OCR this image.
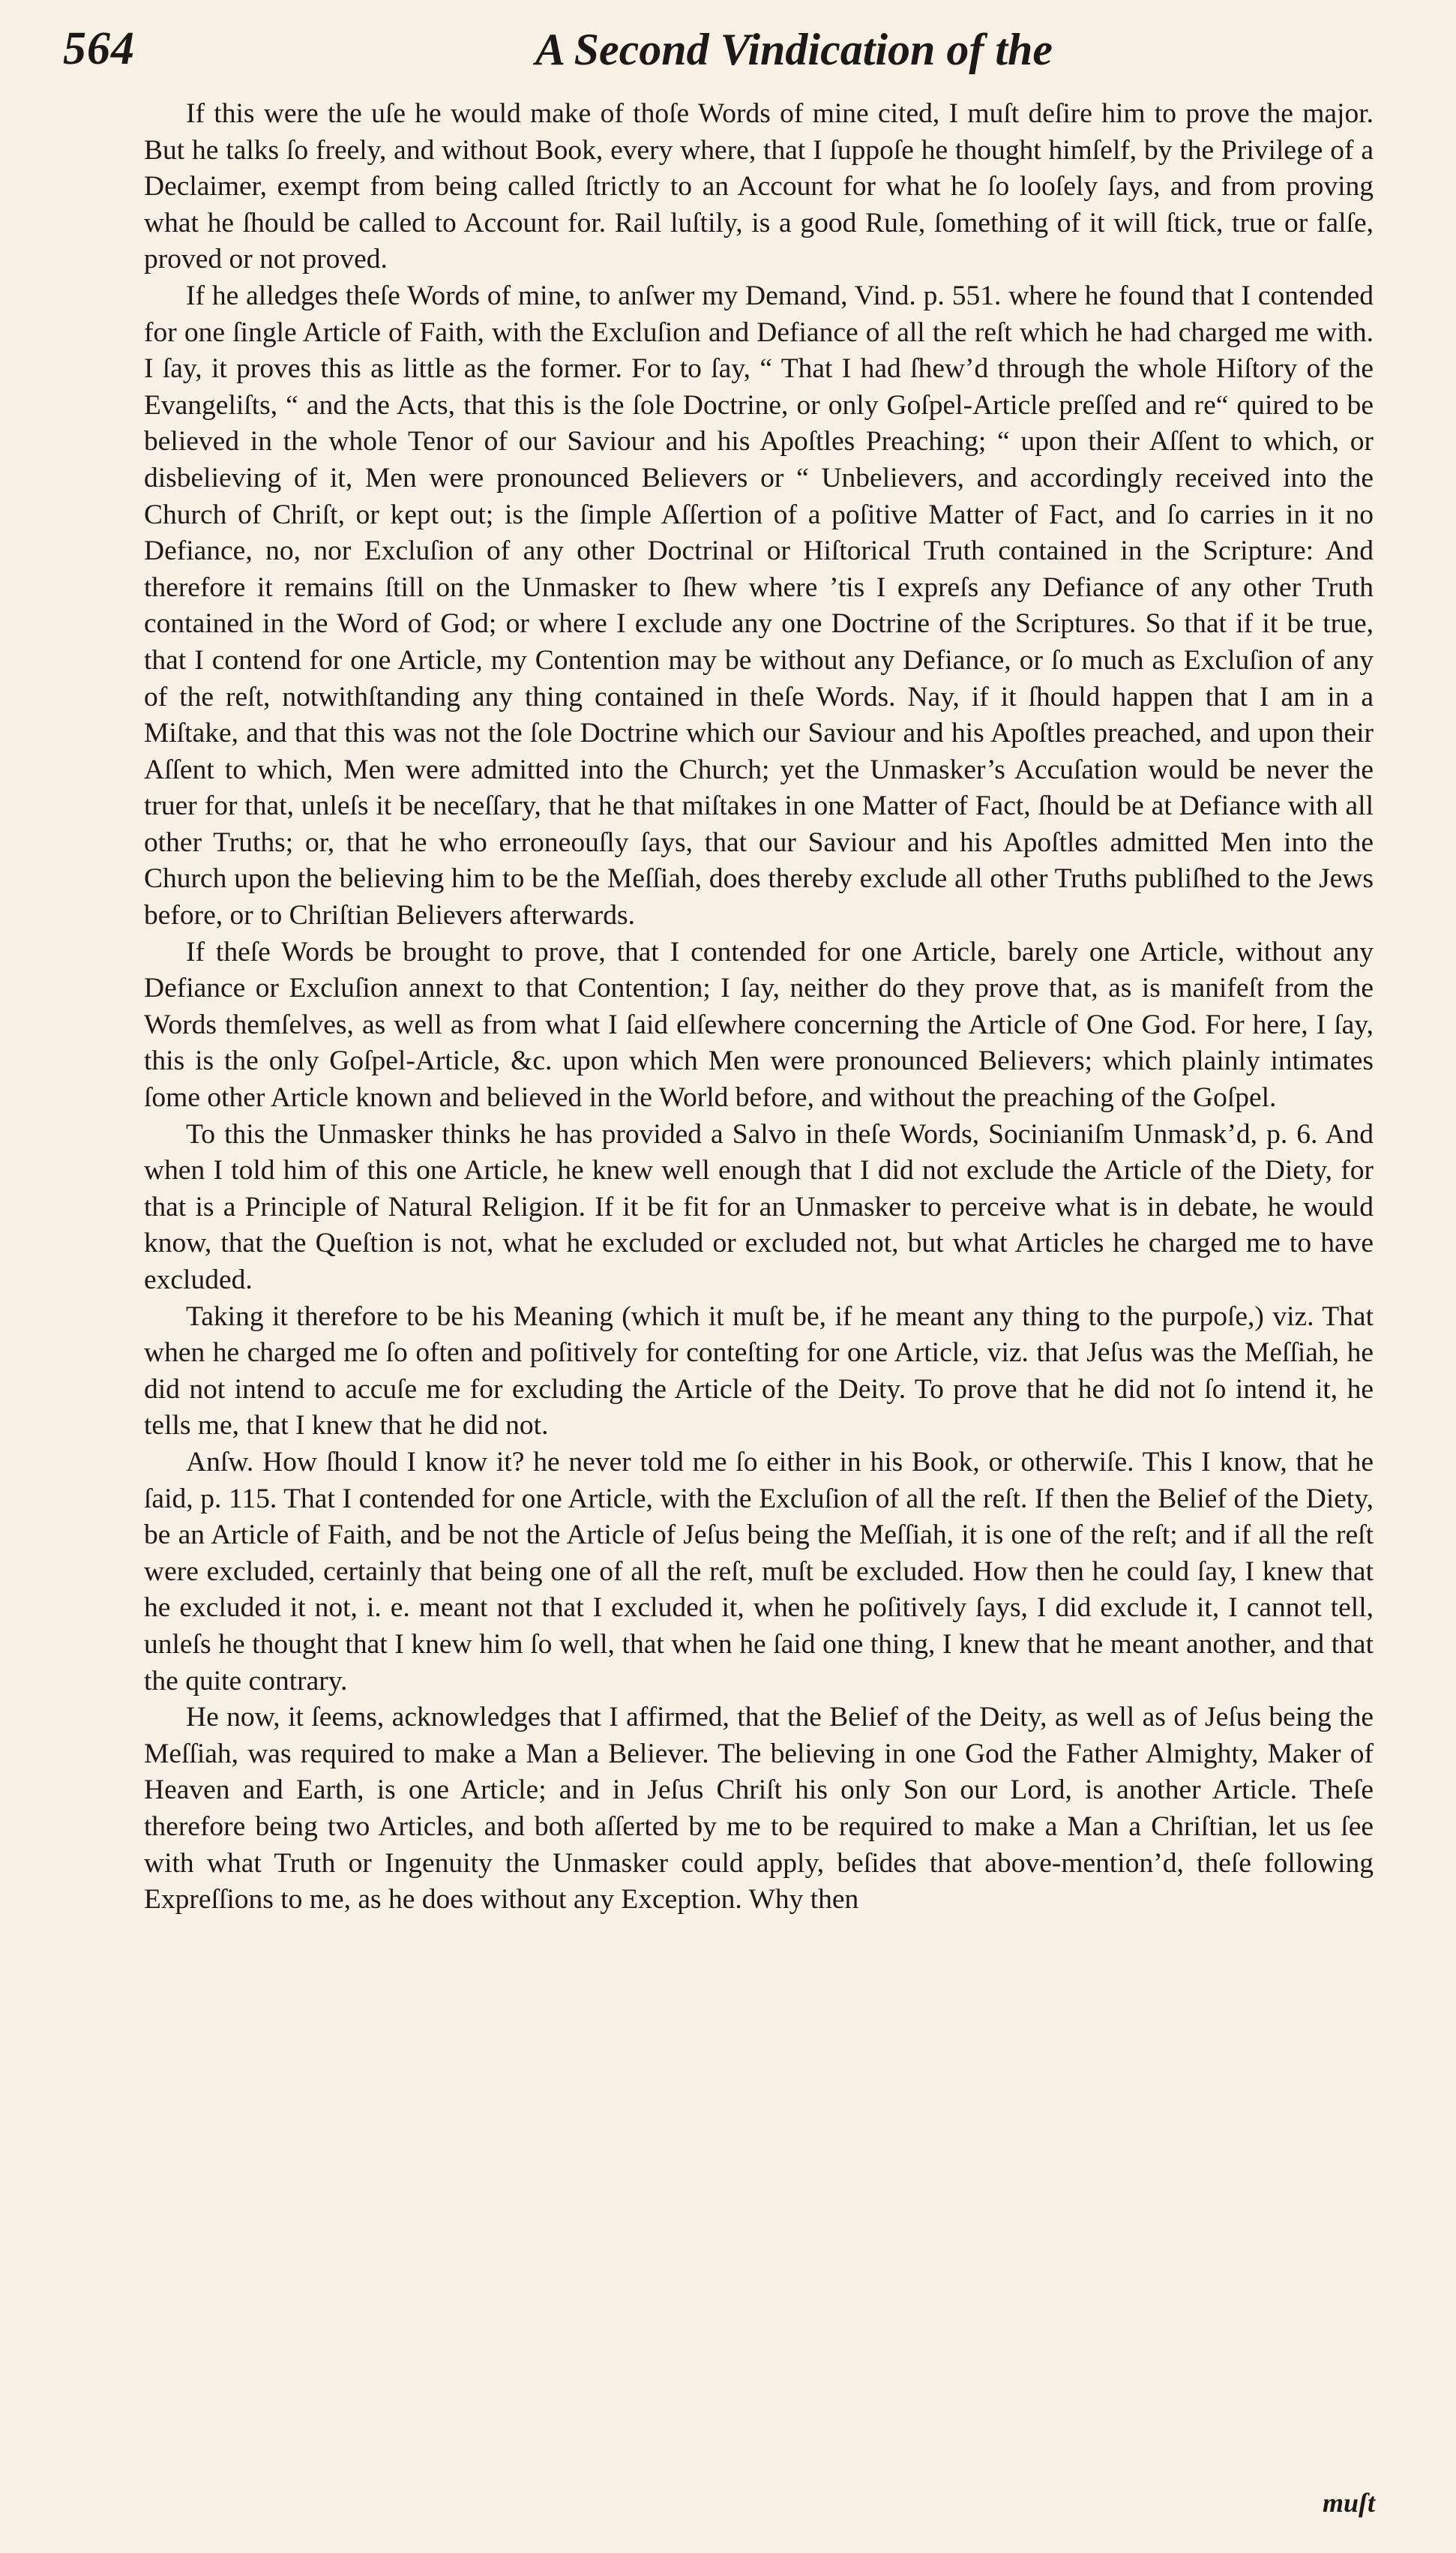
564	A Second Vindication of the

If this were the uſe he would make of thoſe Words of mine cited, I muſt deſire him to prove the major. But he talks ſo freely, and without Book, every where, that I ſuppoſe he thought himſelf, by the Privilege of a Declaimer, exempt from being called ſtrictly to an Account for what he ſo looſely ſays, and from proving what he ſhould be called to Account for. Rail luſtily, is a good Rule, ſomething of it will ſtick, true or falſe, proved or not proved.

If he alledges theſe Words of mine, to anſwer my Demand, Vind. p. 551. where he found that I contended for one ſingle Article of Faith, with the Excluſion and Defiance of all the reſt which he had charged me with. I ſay, it proves this as little as the former. For to ſay, “ That I had ſhew’d through the whole Hiſtory of the Evangeliſts, “ and the Acts, that this is the ſole Doctrine, or only Goſpel-Article preſſed and re“ quired to be believed in the whole Tenor of our Saviour and his Apoſtles Preaching; “ upon their Aſſent to which, or disbelieving of it, Men were pronounced Believers or “ Unbelievers, and accordingly received into the Church of Chriſt, or kept out; is the ſimple Aſſertion of a poſitive Matter of Fact, and ſo carries in it no Defiance, no, nor Excluſion of any other Doctrinal or Hiſtorical Truth contained in the Scripture: And therefore it remains ſtill on the Unmasker to ſhew where ’tis I expreſs any Defiance of any other Truth contained in the Word of God; or where I exclude any one Doctrine of the Scriptures. So that if it be true, that I contend for one Article, my Contention may be without any Defiance, or ſo much as Excluſion of any of the reſt, notwithſtanding any thing contained in theſe Words. Nay, if it ſhould happen that I am in a Miſtake, and that this was not the ſole Doctrine which our Saviour and his Apoſtles preached, and upon their Aſſent to which, Men were admitted into the Church; yet the Unmasker’s Accuſation would be never the truer for that, unleſs it be neceſſary, that he that miſtakes in one Matter of Fact, ſhould be at Defiance with all other Truths; or, that he who erroneouſly ſays, that our Saviour and his Apoſtles admitted Men into the Church upon the believing him to be the Meſſiah, does thereby exclude all other Truths publiſhed to the Jews before, or to Chriſtian Believers afterwards.

If theſe Words be brought to prove, that I contended for one Article, barely one Article, without any Defiance or Excluſion annext to that Contention; I ſay, neither do they prove that, as is manifeſt from the Words themſelves, as well as from what I ſaid elſewhere concerning the Article of One God. For here, I ſay, this is the only Goſpel-Article, &c. upon which Men were pronounced Believers; which plainly intimates ſome other Article known and believed in the World before, and without the preaching of the Goſpel.

To this the Unmasker thinks he has provided a Salvo in theſe Words, Socinianiſm Unmask’d, p. 6. And when I told him of this one Article, he knew well enough that I did not exclude the Article of the Diety, for that is a Principle of Natural Religion. If it be fit for an Unmasker to perceive what is in debate, he would know, that the Queſtion is not, what he excluded or excluded not, but what Articles he charged me to have excluded.

Taking it therefore to be his Meaning (which it muſt be, if he meant any thing to the purpoſe,) viz. That when he charged me ſo often and poſitively for conteſting for one Article, viz. that Jeſus was the Meſſiah, he did not intend to accuſe me for excluding the Article of the Deity. To prove that he did not ſo intend it, he tells me, that I knew that he did not.

Anſw. How ſhould I know it? he never told me ſo either in his Book, or otherwiſe. This I know, that he ſaid, p. 115. That I contended for one Article, with the Excluſion of all the reſt. If then the Belief of the Diety, be an Article of Faith, and be not the Article of Jeſus being the Meſſiah, it is one of the reſt; and if all the reſt were excluded, certainly that being one of all the reſt, muſt be excluded. How then he could ſay, I knew that he excluded it not, i. e. meant not that I excluded it, when he poſitively ſays, I did exclude it, I cannot tell, unleſs he thought that I knew him ſo well, that when he ſaid one thing, I knew that he meant another, and that the quite contrary.

He now, it ſeems, acknowledges that I affirmed, that the Belief of the Deity, as well as of Jeſus being the Meſſiah, was required to make a Man a Believer. The believing in one God the Father Almighty, Maker of Heaven and Earth, is one Article; and in Jeſus Chriſt his only Son our Lord, is another Article. Theſe therefore being two Articles, and both aſſerted by me to be required to make a Man a Chriſtian, let us ſee with what Truth or Ingenuity the Unmasker could apply, beſides that above-mention’d, theſe following Expreſſions to me, as he does without any Exception. Why then

muſt
